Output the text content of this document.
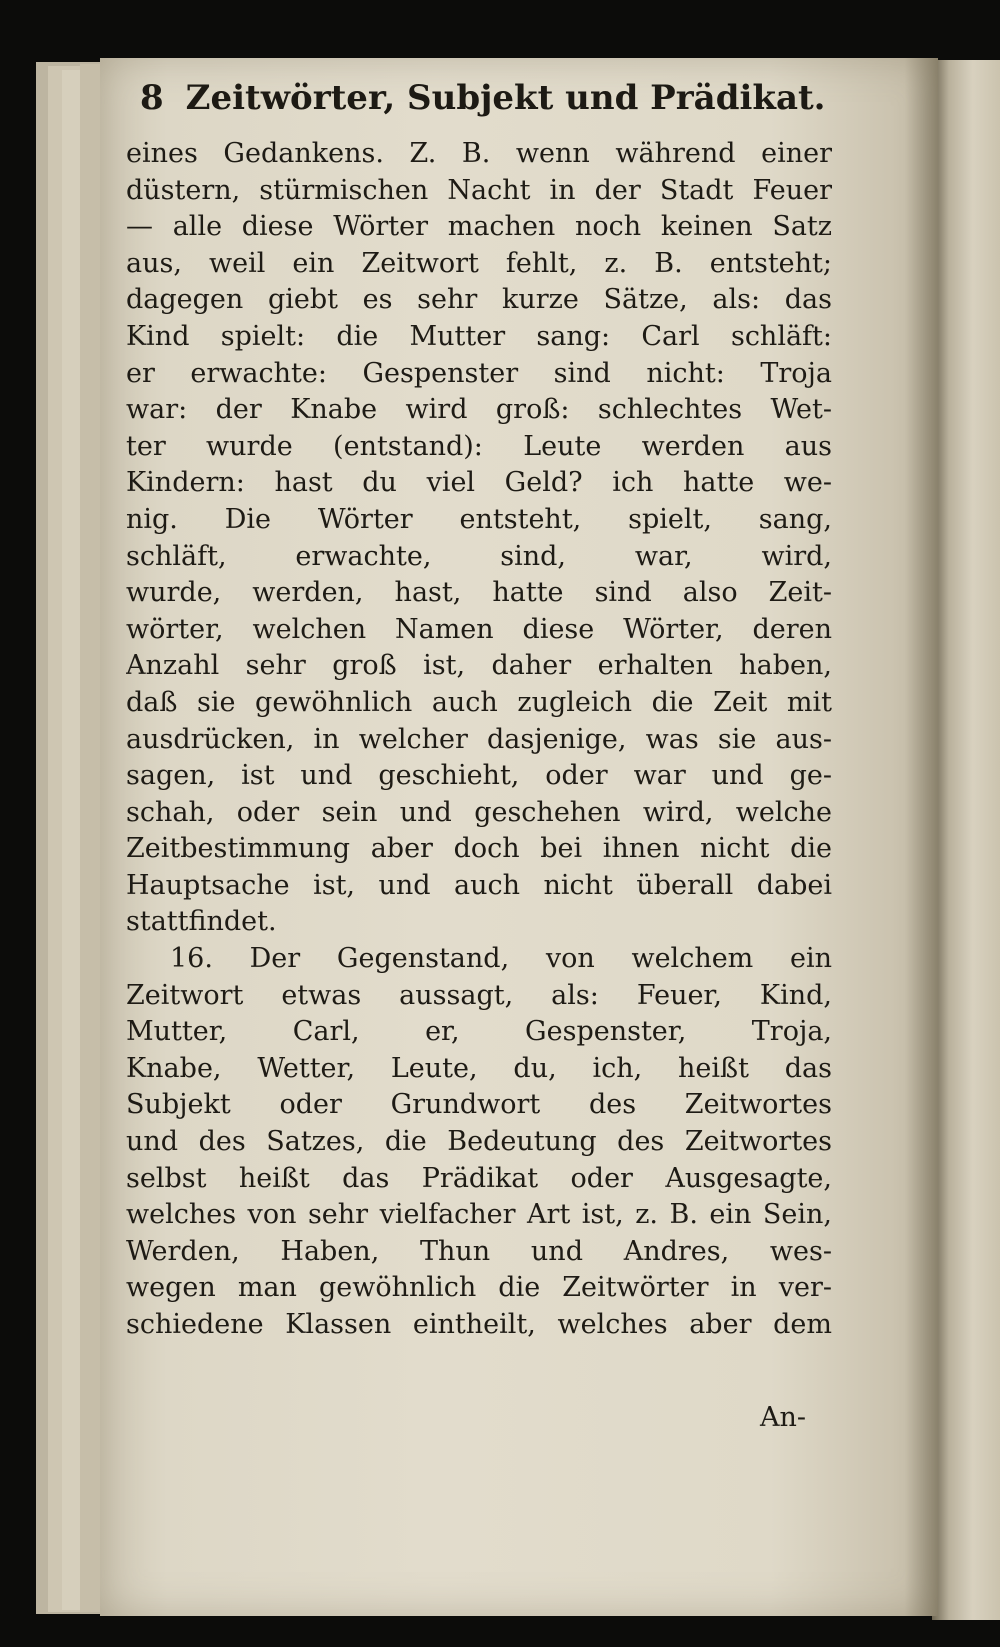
8 Zeitwörter, Subjekt und Prädikat.
eines Gedankens. Z. B. wenn während einer
düstern, stürmischen Nacht in der Stadt Feuer
— alle diese Wörter machen noch keinen Satz
aus, weil ein Zeitwort fehlt, z. B. entsteht;
dagegen giebt es sehr kurze Sätze, als: das
Kind spielt: die Mutter sang: Carl schläft:
er erwachte: Gespenster sind nicht: Troja
war: der Knabe wird groß: schlechtes Wet-
ter wurde (entstand): Leute werden aus
Kindern: hast du viel Geld? ich hatte we-
nig. Die Wörter entsteht, spielt, sang,
schläft, erwachte, sind, war, wird,
wurde, werden, hast, hatte sind also Zeit-
wörter, welchen Namen diese Wörter, deren
Anzahl sehr groß ist, daher erhalten haben,
daß sie gewöhnlich auch zugleich die Zeit mit
ausdrücken, in welcher dasjenige, was sie aus-
sagen, ist und geschieht, oder war und ge-
schah, oder sein und geschehen wird, welche
Zeitbestimmung aber doch bei ihnen nicht die
Hauptsache ist, und auch nicht überall dabei
stattfindet.
16. Der Gegenstand, von welchem ein
Zeitwort etwas aussagt, als: Feuer, Kind,
Mutter, Carl, er, Gespenster, Troja,
Knabe, Wetter, Leute, du, ich, heißt das
Subjekt oder Grundwort des Zeitwortes
und des Satzes, die Bedeutung des Zeitwortes
selbst heißt das Prädikat oder Ausgesagte,
welches von sehr vielfacher Art ist, z. B. ein Sein,
Werden, Haben, Thun und Andres, wes-
wegen man gewöhnlich die Zeitwörter in ver-
schiedene Klassen eintheilt, welches aber dem
An-
